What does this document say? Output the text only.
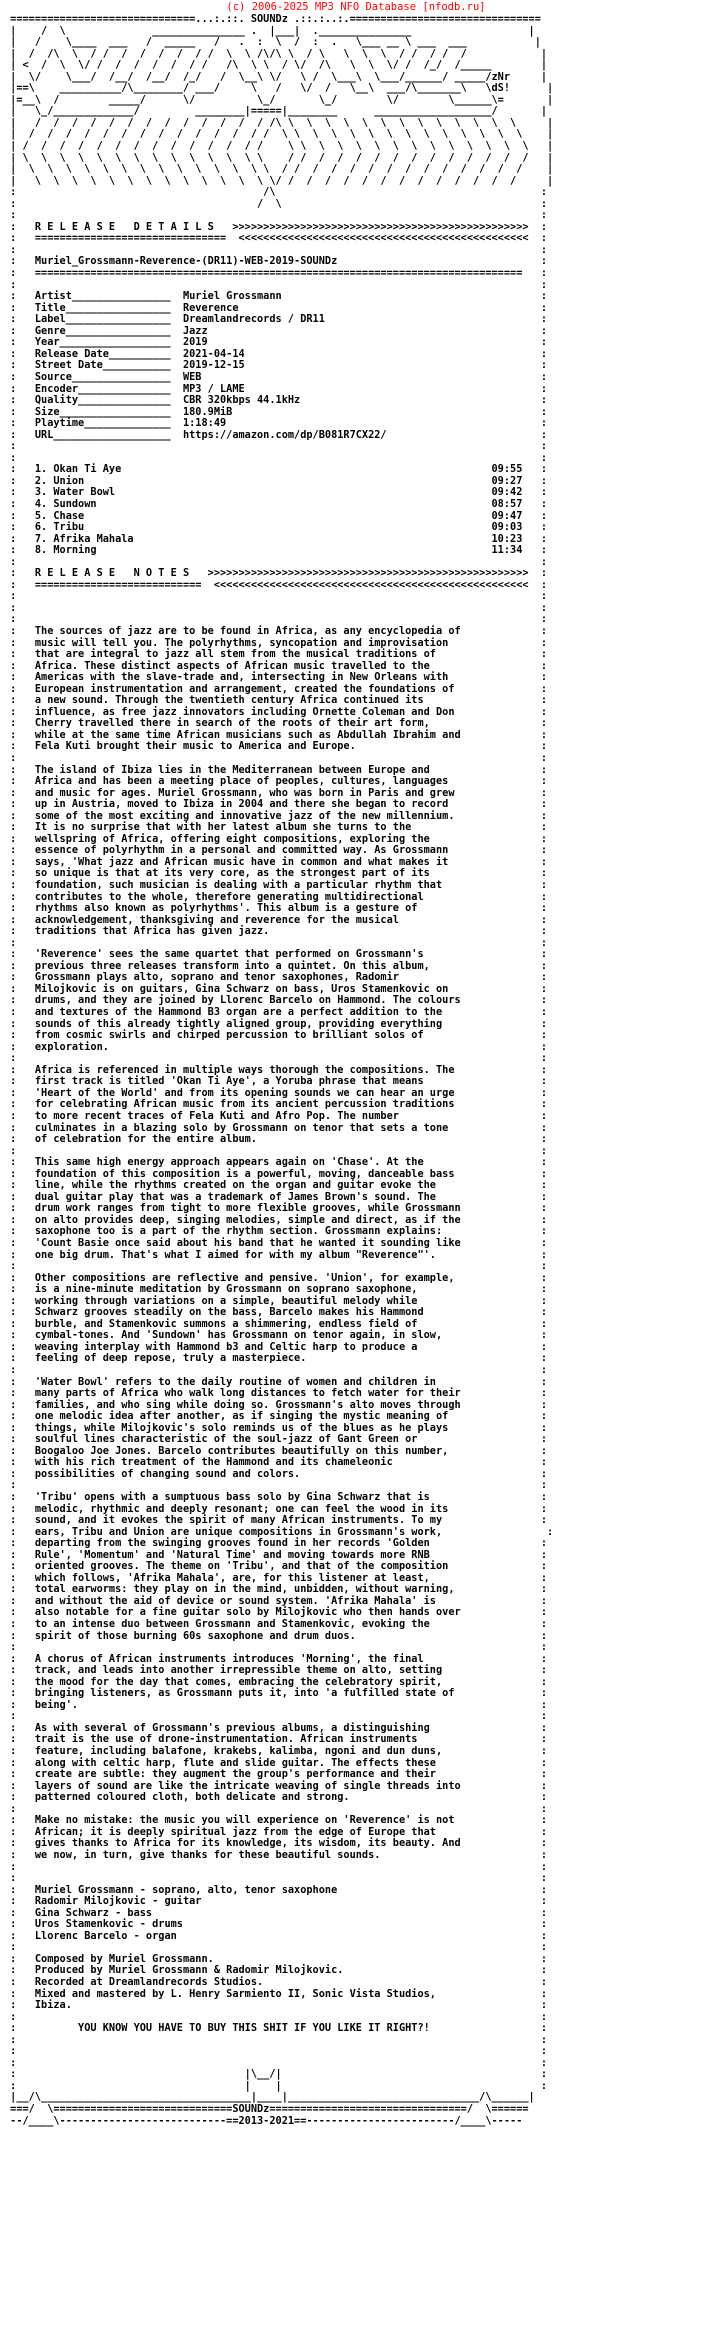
(c) 2006-2025 MP3 NFO Database [nfodb.ru]
==============================...:.::. SOUNDz .::.:..:.===============================
|    /  \              _______________ .  |___|  ._______________                   |
|   /    \____  ___   /  _____   /   .  :  \  /  :  .   \___ __ \ ___  ___           |
|  /  /\  \  / /  /  /  /  /  / /  \  \ /\/\ \  / \   \  \  \  / /  / /  /            |
| <  /  \  \/ /  /  /  /  /  / /   /\  \ \  / \/  /\   \  \  \/ /  /_/  /_____        |
|  \/    \___/  /__/  /__/  /_/   /  \__\ \/   \ /  \___\  \___/______/ _____/zNr     |
|==\    __________/\________/ ___/     \   /   \/  /   \__\  ___/\_______\   \dS!      |
|=__\  /        _____/      \/          \_/       \_/        \/        \______\=       |
|   \_/_____________/         ________|=====|________      ___________________/       |
|   /  /  /  /  /  /  /  /  /  /  /  /  / /\ \  \  \  \  \  \  \  \  \  \  \  \  \     |
|  /  /  /  /  /  /  /  /  /  /  /  /  / /  \ \  \  \  \  \  \  \  \  \  \  \  \  \    |
| /  /  /  /  /  /  /  /  /  /  /  /  / /    \ \  \  \  \  \  \  \  \  \  \  \  \  \   |
| \  \  \  \  \  \  \  \  \  \  \  \  \ \    / /  /  /  /  /  /  /  /  /  /  /  /  /   |
|  \  \  \  \  \  \  \  \  \  \  \  \  \ \  / /  /  /  /  /  /  /  /  /  /  /  /  /    |
|   \  \  \  \  \  \  \  \  \  \  \  \  \ \/ /  /  /  /  /  /  /  /  /  /  /  /  /     |
:                                        /\                                           :
:                                       /  \                                          :
:                                                                                     :
:   R E L E A S E   D E T A I L S   >>>>>>>>>>>>>>>>>>>>>>>>>>>>>>>>>>>>>>>>>>>>>>>>  :
:   ===============================  <<<<<<<<<<<<<<<<<<<<<<<<<<<<<<<<<<<<<<<<<<<<<<<  :
:                                                                                     :
:   Muriel_Grossmann-Reverence-(DR11)-WEB-2019-SOUNDz                                 :
:   ===============================================================================   :
:                                                                                     :
:   Artist________________  Muriel Grossmann                                          :
:   Title_________________  Reverence                                                 :
:   Label_________________  Dreamlandrecords / DR11                                   :
:   Genre_________________  Jazz                                                      :
:   Year__________________  2019                                                      :
:   Release Date__________  2021-04-14                                                :
:   Street Date___________  2019-12-15                                                :
:   Source________________  WEB                                                       :
:   Encoder_______________  MP3 / LAME                                                :
:   Quality_______________  CBR 320kbps 44.1kHz                                       :
:   Size__________________  180.9MiB                                                  :
:   Playtime______________  1:18:49                                                   :
:   URL___________________  https://amazon.com/dp/B081R7CX22/                         :
:                                                                                     :
:                                                                                     :
:   1. Okan Ti Aye                                                            09:55   :
:   2. Union                                                                  09:27   :
:   3. Water Bowl                                                             09:42   :
:   4. Sundown                                                                08:57   :
:   5. Chase                                                                  09:47   :
:   6. Tribu                                                                  09:03   :
:   7. Afrika Mahala                                                          10:23   :
:   8. Morning                                                                11:34   :
:                                                                                     :
:   R E L E A S E   N O T E S   >>>>>>>>>>>>>>>>>>>>>>>>>>>>>>>>>>>>>>>>>>>>>>>>>>>>  :
:   ===========================  <<<<<<<<<<<<<<<<<<<<<<<<<<<<<<<<<<<<<<<<<<<<<<<<<<<  :
:                                                                                     :
:                                                                                     :
:                                                                                     :
:   The sources of jazz are to be found in Africa, as any encyclopedia of             :
:   music will tell you. The polyrhythms, syncopation and improvisation               :
:   that are integral to jazz all stem from the musical traditions of                 :
:   Africa. These distinct aspects of African music travelled to the                  :
:   Americas with the slave-trade and, intersecting in New Orleans with               :
:   European instrumentation and arrangement, created the foundations of              :
:   a new sound. Through the twentieth century Africa continued its                   :
:   influence, as free jazz innovators including Ornette Coleman and Don              :
:   Cherry travelled there in search of the roots of their art form,                  :
:   while at the same time African musicians such as Abdullah Ibrahim and             :
:   Fela Kuti brought their music to America and Europe.                              :
:                                                                                     :
:   The island of Ibiza lies in the Mediterranean between Europe and                  :
:   Africa and has been a meeting place of peoples, cultures, languages               :
:   and music for ages. Muriel Grossmann, who was born in Paris and grew              :
:   up in Austria, moved to Ibiza in 2004 and there she began to record               :
:   some of the most exciting and innovative jazz of the new millennium.              :
:   It is no surprise that with her latest album she turns to the                     :
:   wellspring of Africa, offering eight compositions, exploring the                  :
:   essence of polyrhythm in a personal and committed way. As Grossmann               :
:   says, 'What jazz and African music have in common and what makes it               :
:   so unique is that at its very core, as the strongest part of its                  :
:   foundation, such musician is dealing with a particular rhythm that                :
:   contributes to the whole, therefore generating multidirectional                   :
:   rhythms also known as polyrhythms'. This album is a gesture of                    :
:   acknowledgement, thanksgiving and reverence for the musical                       :
:   traditions that Africa has given jazz.                                            :
:                                                                                     :
:   'Reverence' sees the same quartet that performed on Grossmann's                   :
:   previous three releases transform into a quintet. On this album,                  :
:   Grossmann plays alto, soprano and tenor saxophones, Radomir                       :
:   Milojkovic is on guitars, Gina Schwarz on bass, Uros Stamenkovic on               :
:   drums, and they are joined by Llorenc Barcelo on Hammond. The colours             :
:   and textures of the Hammond B3 organ are a perfect addition to the                :
:   sounds of this already tightly aligned group, providing everything                :
:   from cosmic swirls and chirped percussion to brilliant solos of                   :
:   exploration.                                                                      :
:                                                                                     :
:   Africa is referenced in multiple ways thorough the compositions. The              :
:   first track is titled 'Okan Ti Aye', a Yoruba phrase that means                   :
:   'Heart of the World' and from its opening sounds we can hear an urge              :
:   for celebrating African music from its ancient percussion traditions              :
:   to more recent traces of Fela Kuti and Afro Pop. The number                       :
:   culminates in a blazing solo by Grossmann on tenor that sets a tone               :
:   of celebration for the entire album.                                              :
:                                                                                     :
:   This same high energy approach appears again on 'Chase'. At the                   :
:   foundation of this composition is a powerful, moving, danceable bass              :
:   line, while the rhythms created on the organ and guitar evoke the                 :
:   dual guitar play that was a trademark of James Brown's sound. The                 :
:   drum work ranges from tight to more flexible grooves, while Grossmann             :
:   on alto provides deep, singing melodies, simple and direct, as if the             :
:   saxophone too is a part of the rhythm section. Grossmann explains:                :
:   'Count Basie once said about his band that he wanted it sounding like             :
:   one big drum. That's what I aimed for with my album "Reverence"'.                 :
:                                                                                     :
:   Other compositions are reflective and pensive. 'Union', for example,              :
:   is a nine-minute meditation by Grossmann on soprano saxophone,                    :
:   working through variations on a simple, beautiful melody while                    :
:   Schwarz grooves steadily on the bass, Barcelo makes his Hammond                   :
:   burble, and Stamenkovic summons a shimmering, endless field of                    :
:   cymbal-tones. And 'Sundown' has Grossmann on tenor again, in slow,                :
:   weaving interplay with Hammond b3 and Celtic harp to produce a                    :
:   feeling of deep repose, truly a masterpiece.                                      :
:                                                                                     :
:   'Water Bowl' refers to the daily routine of women and children in                 :
:   many parts of Africa who walk long distances to fetch water for their             :
:   families, and who sing while doing so. Grossmann's alto moves through             :
:   one melodic idea after another, as if singing the mystic meaning of               :
:   things, while Milojkovic's solo reminds us of the blues as he plays               :
:   soulful lines characteristic of the soul-jazz of Gant Green or                    :
:   Boogaloo Joe Jones. Barcelo contributes beautifully on this number,               :
:   with his rich treatment of the Hammond and its chameleonic                        :
:   possibilities of changing sound and colors.                                       :
:                                                                                     :
:   'Tribu' opens with a sumptuous bass solo by Gina Schwarz that is                  :
:   melodic, rhythmic and deeply resonant; one can feel the wood in its               :
:   sound, and it evokes the spirit of many African instruments. To my                :
:   ears, Tribu and Union are unique compositions in Grossmann's work,                 :
:   departing from the swinging grooves found in her records 'Golden                  :
:   Rule', 'Momentum' and 'Natural Time' and moving towards more RNB                  :
:   oriented grooves. The theme on 'Tribu', and that of the composition               :
:   which follows, 'Afrika Mahala', are, for this listener at least,                  :
:   total earworms: they play on in the mind, unbidden, without warning,              :
:   and without the aid of device or sound system. 'Afrika Mahala' is                 :
:   also notable for a fine guitar solo by Milojkovic who then hands over             :
:   to an intense duo between Grossmann and Stamenkovic, evoking the                  :
:   spirit of those burning 60s saxophone and drum duos.                              :
:                                                                                     :
:   A chorus of African instruments introduces 'Morning', the final                   :
:   track, and leads into another irrepressible theme on alto, setting                :
:   the mood for the day that comes, embracing the celebratory spirit,                :
:   bringing listeners, as Grossmann puts it, into 'a fulfilled state of              :
:   being'.                                                                           :
:                                                                                     :
:   As with several of Grossmann's previous albums, a distinguishing                  :
:   trait is the use of drone-instrumentation. African instruments                    :
:   feature, including balafone, krakebs, kalimba, ngoni and dun duns,                :
:   along with celtic harp, flute and slide guitar. The effects these                 :
:   create are subtle: they augment the group's performance and their                 :
:   layers of sound are like the intricate weaving of single threads into             :
:   patterned coloured cloth, both delicate and strong.                               :
:                                                                                     :
:   Make no mistake: the music you will experience on 'Reverence' is not              :
:   African; it is deeply spiritual jazz from the edge of Europe that                 :
:   gives thanks to Africa for its knowledge, its wisdom, its beauty. And             :
:   we now, in turn, give thanks for these beautiful sounds.                          :
:                                                                                     :
:                                                                                     :
:   Muriel Grossmann - soprano, alto, tenor saxophone                                 :
:   Radomir Milojkovic - guitar                                                       :
:   Gina Schwarz - bass                                                               :
:   Uros Stamenkovic - drums                                                          :
:   Llorenc Barcelo - organ                                                           :
:                                                                                     :
:   Composed by Muriel Grossmann.                                                     :
:   Produced by Muriel Grossmann & Radomir Milojkovic.                                :
:   Recorded at Dreamlandrecords Studios.                                             :
:   Mixed and mastered by L. Henry Sarmiento II, Sonic Vista Studios,                 :
:   Ibiza.                                                                            :
:                                                                                     :
:          YOU KNOW YOU HAVE TO BUY THIS SHIT IF YOU LIKE IT RIGHT?!                  :
:                                                                                     :
:                                                                                     :
:                                                                                     :
:                                     |\__/|                                          :
:                                     |    |                                          :
|__/\__________________________________|____|_______________________________/\______|
===/  \=============================SOUNDz================================/  \======
--/____\---------------------------==2013-2021==------------------------/____\-----
